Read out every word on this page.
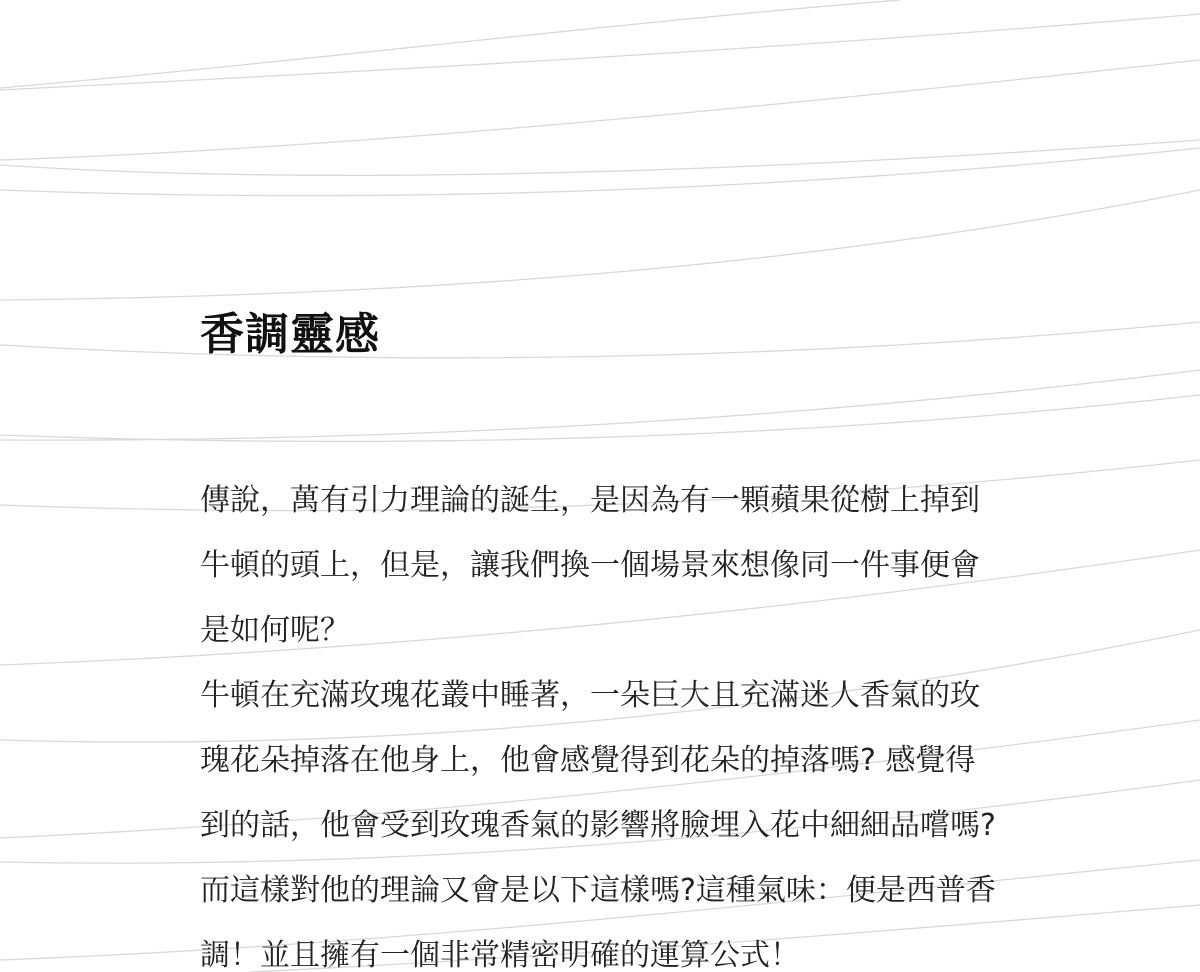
香調靈感

傳說，萬有引力理論的誕生，是因為有一顆蘋果從樹上掉到牛頓的頭上，但是，讓我們換一個場景來想像同一件事便會是如何呢？

牛頓在充滿玫瑰花叢中睡著，一朵巨大且充滿迷人香氣的玫瑰花朵掉落在他身上，他會感覺得到花朵的掉落嗎? 感覺得到的話，他會受到玫瑰香氣的影響將臉埋入花中細細品嚐嗎?而這樣對他的理論又會是以下這樣嗎?這種氣味：便是西普香調！並且擁有一個非常精密明確的運算公式！
